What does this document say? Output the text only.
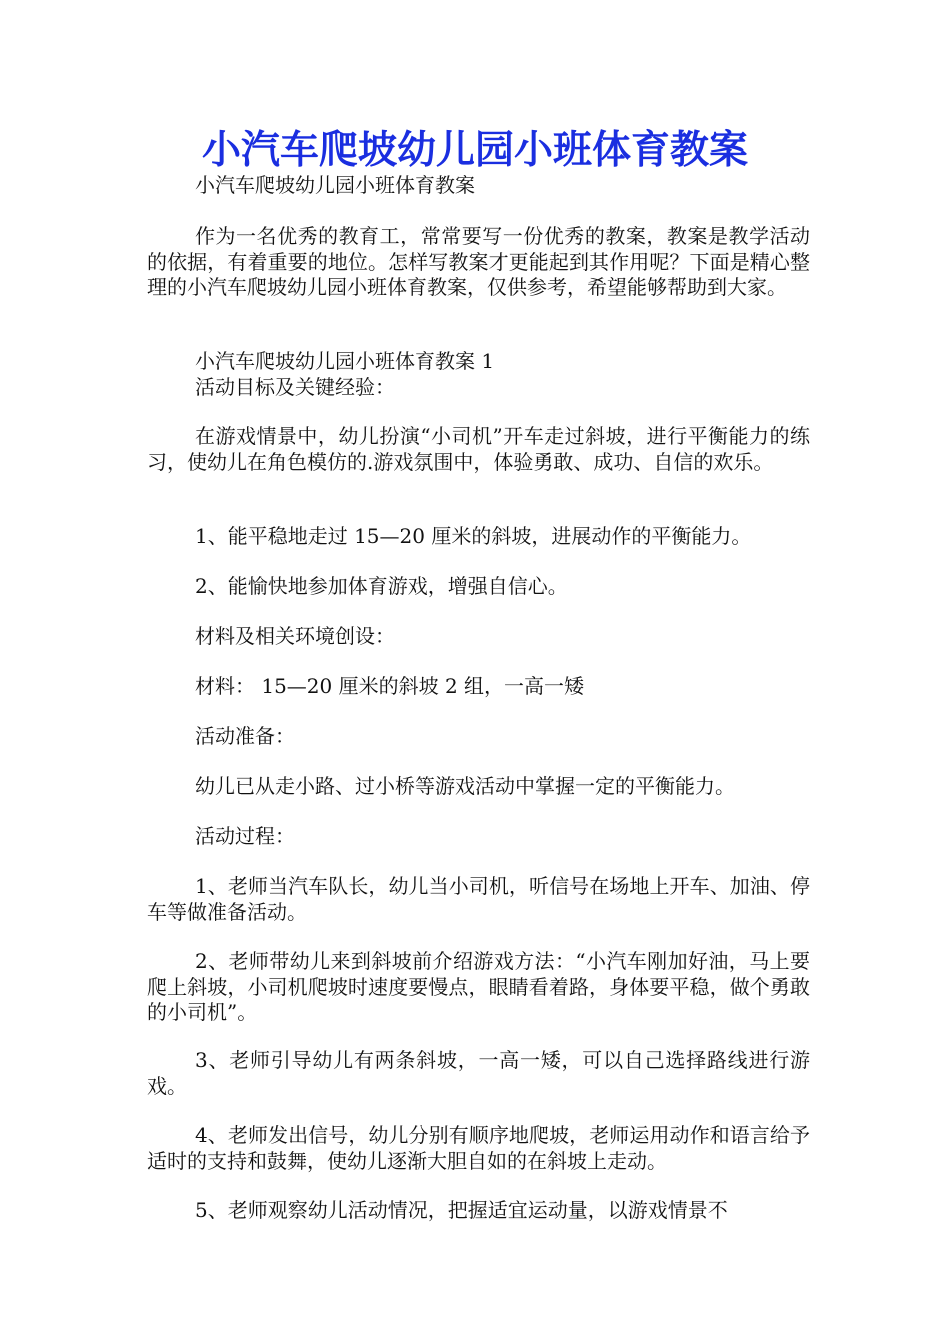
小汽车爬坡幼儿园小班体育教案

小汽车爬坡幼儿园小班体育教案

作为一名优秀的教育工，常常要写一份优秀的教案，教案是教学活动的依据，有着重要的地位。怎样写教案才更能起到其作用呢？下面是精心整理的小汽车爬坡幼儿园小班体育教案，仅供参考，希望能够帮助到大家。

小汽车爬坡幼儿园小班体育教案 1

活动目标及关键经验：

在游戏情景中，幼儿扮演“小司机”开车走过斜坡，进行平衡能力的练习，使幼儿在角色模仿的.游戏氛围中，体验勇敢、成功、自信的欢乐。

1、能平稳地走过 15—20 厘米的斜坡，进展动作的平衡能力。

2、能愉快地参加体育游戏，增强自信心。

材料及相关环境创设：

材料： 15—20 厘米的斜坡 2 组，一高一矮

活动准备：

幼儿已从走小路、过小桥等游戏活动中掌握一定的平衡能力。

活动过程：

1、老师当汽车队长，幼儿当小司机，听信号在场地上开车、加油、停车等做准备活动。

2、老师带幼儿来到斜坡前介绍游戏方法：“小汽车刚加好油，马上要爬上斜坡，小司机爬坡时速度要慢点，眼睛看着路，身体要平稳，做个勇敢的小司机”。

3、老师引导幼儿有两条斜坡，一高一矮，可以自己选择路线进行游戏。

4、老师发出信号，幼儿分别有顺序地爬坡，老师运用动作和语言给予适时的支持和鼓舞，使幼儿逐渐大胆自如的在斜坡上走动。

5、老师观察幼儿活动情况，把握适宜运动量，以游戏情景不
